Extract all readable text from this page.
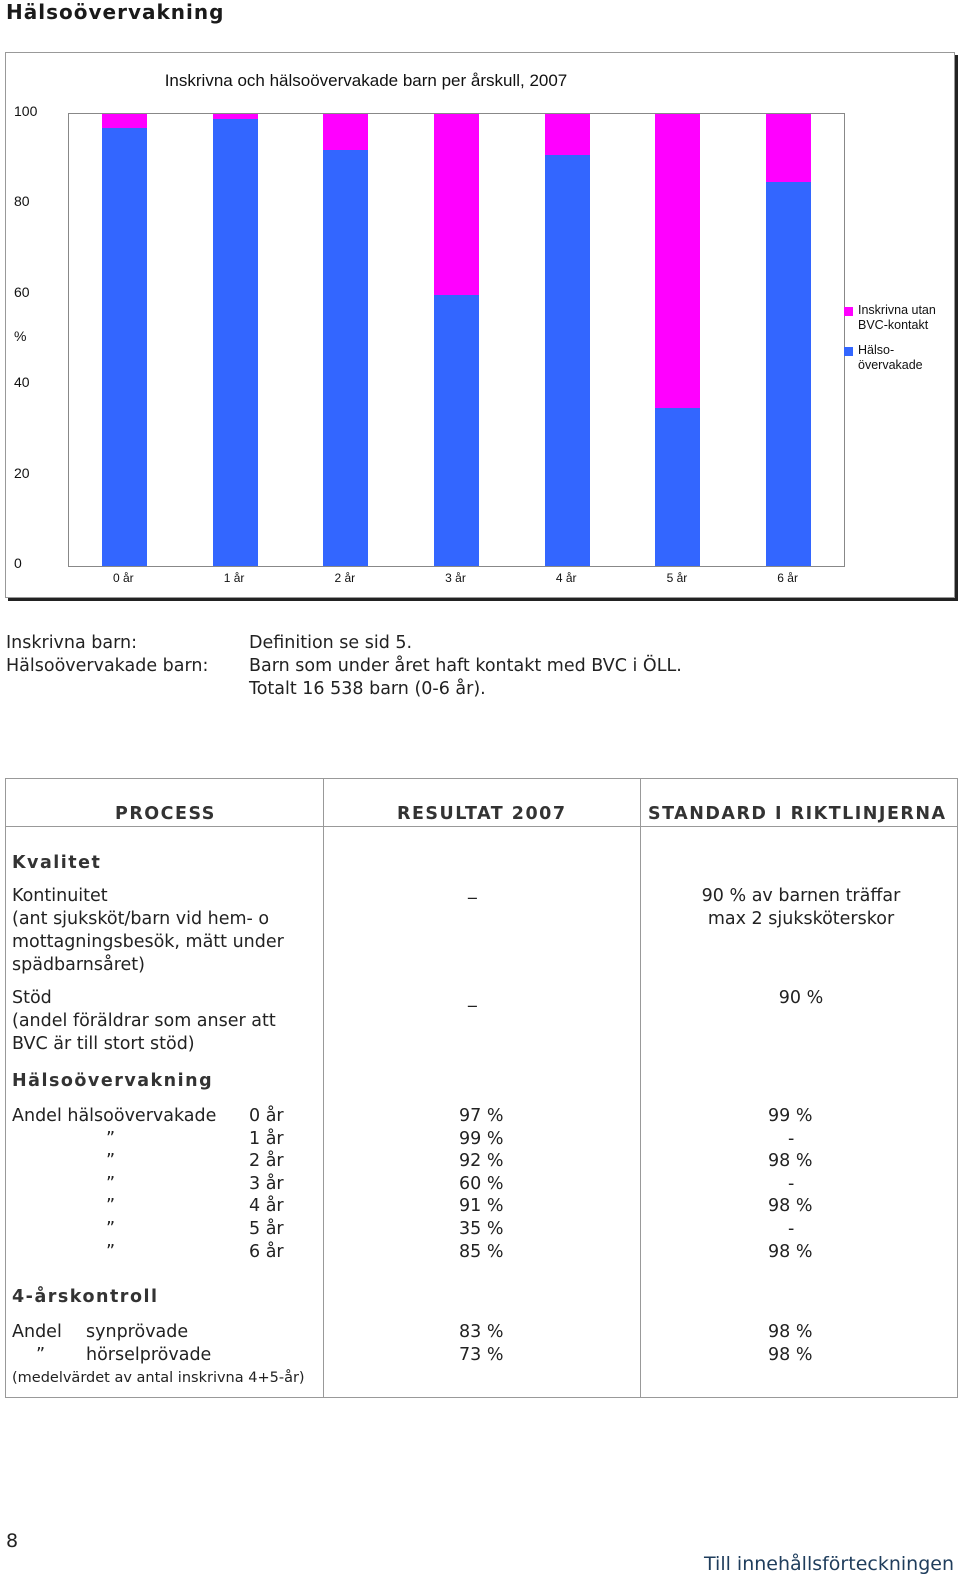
Hälsoövervakning
Inskrivna och hälsoövervakade barn per årskull, 2007
0
20
40
60
80
100
%
0 år	1 år	2 år	3 år	4 år	5 år	6 år
Inskrivna utan
BVC-kontakt
Hälso-
övervakade
Inskrivna barn:	Definition se sid 5.
Hälsoövervakade barn:	Barn som under året haft kontakt med BVC i ÖLL.
Totalt 16 538 barn (0-6 år).
PROCESS	RESULTAT 2007	STANDARD I RIKTLINJERNA
Kvalitet
Kontinuitet
(ant sjuksköt/barn vid hem- o
mottagningsbesök, mätt under
spädbarnsåret)
_	90 % av barnen träffar
max 2 sjuksköterskor
Stöd
(andel föräldrar som anser att
BVC är till stort stöd)
_	90 %
Hälsoövervakning
Andel hälsoövervakade 0 år	97 %	99 %
”	1 år	99 %	-
”	2 år	92 %	98 %
”	3 år	60 %	-
”	4 år	91 %	98 %
”	5 år	35 %	-
”	6 år	85 %	98 %
4-årskontroll
Andel synprövade	83 %	98 %
” hörselprövade	73 %	98 %
(medelvärdet av antal inskrivna 4+5-år)
8
Till innehållsförteckningen
